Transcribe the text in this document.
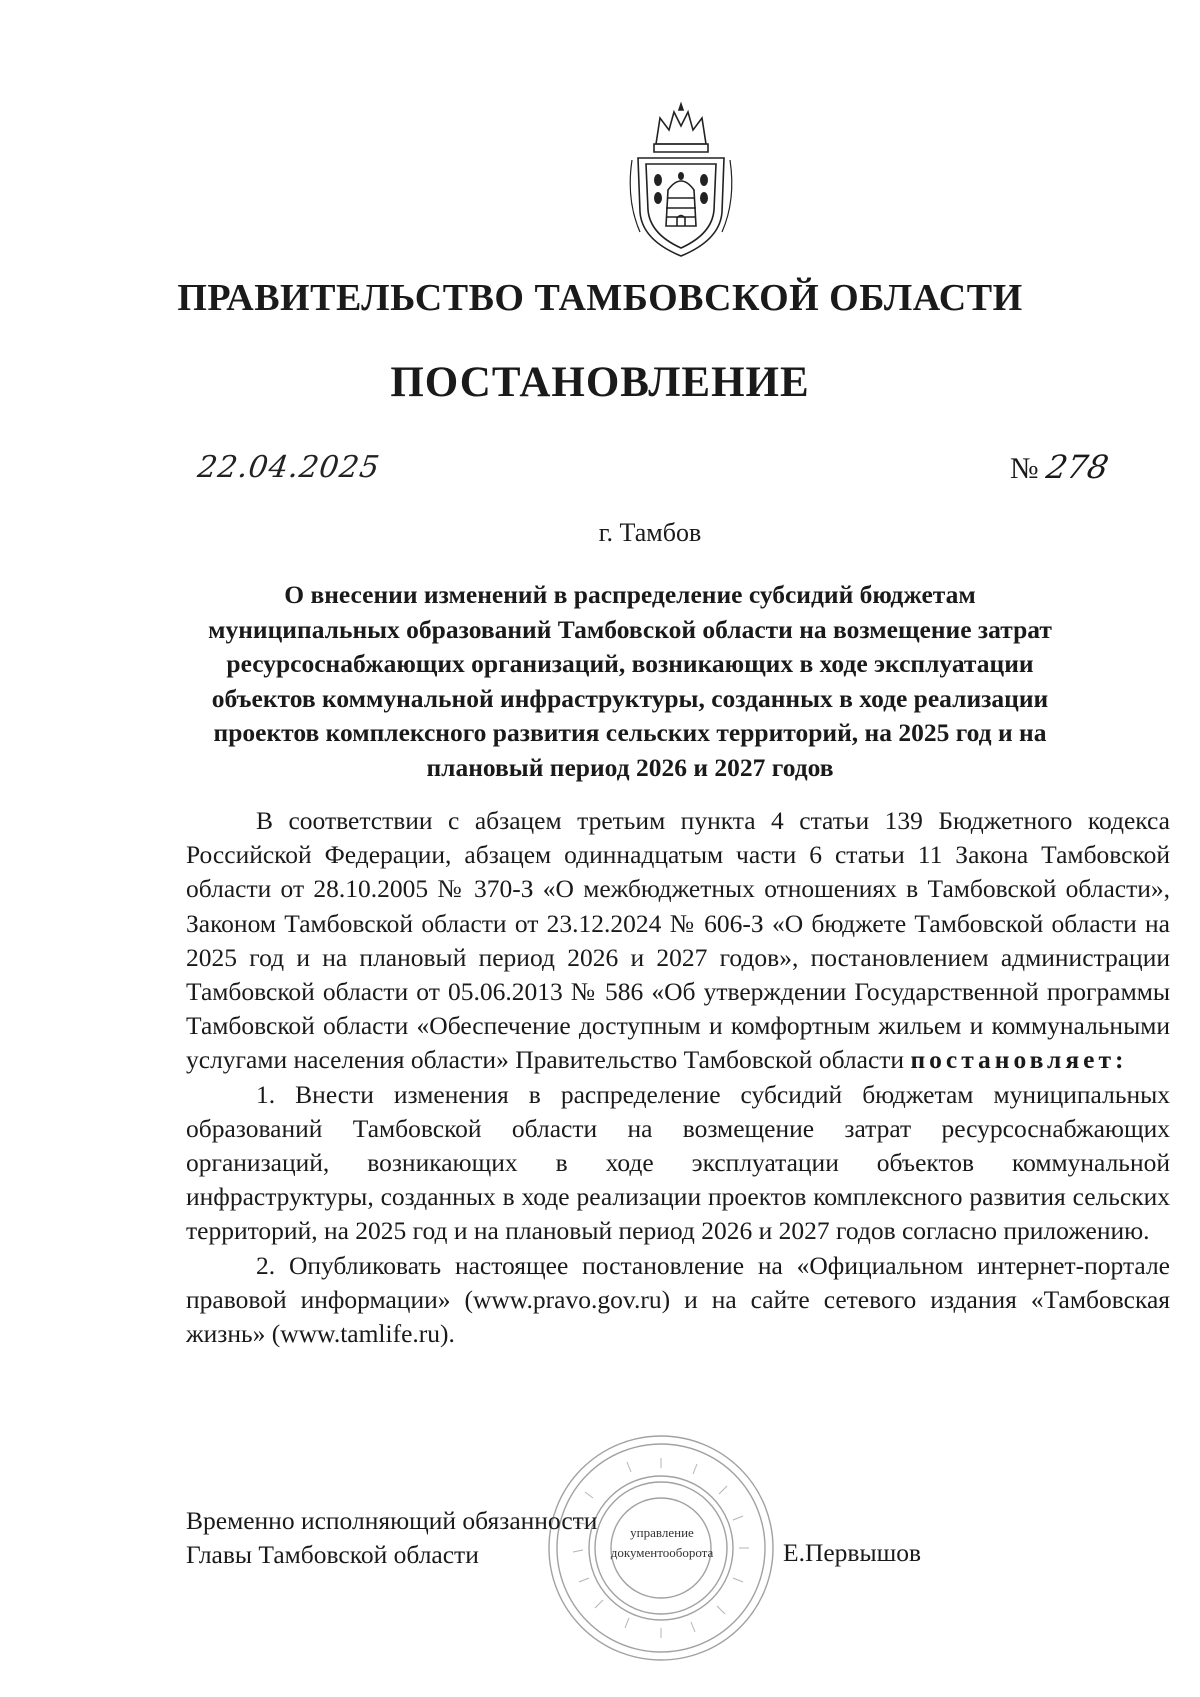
ПРАВИТЕЛЬСТВО ТАМБОВСКОЙ ОБЛАСТИ
ПОСТАНОВЛЕНИЕ
22.04.2025	№ 278
г. Тамбов
О внесении изменений в распределение субсидий бюджетам
муниципальных образований Тамбовской области на возмещение затрат
ресурсоснабжающих организаций, возникающих в ходе эксплуатации
объектов коммунальной инфраструктуры, созданных в ходе реализации
проектов комплексного развития сельских территорий, на 2025 год и на
плановый период 2026 и 2027 годов

В соответствии с абзацем третьим пункта 4 статьи 139 Бюджетного кодекса Российской Федерации, абзацем одиннадцатым части 6 статьи 11 Закона Тамбовской области от 28.10.2005 № 370-З «О межбюджетных отношениях в Тамбовской области», Законом Тамбовской области от 23.12.2024 № 606-З «О бюджете Тамбовской области на 2025 год и на плановый период 2026 и 2027 годов», постановлением администрации Тамбовской области от 05.06.2013 № 586 «Об утверждении Государственной программы Тамбовской области «Обеспечение доступным и комфортным жильем и коммунальными услугами населения области» Правительство Тамбовской области постановляет:

1. Внести изменения в распределение субсидий бюджетам муниципальных образований Тамбовской области на возмещение затрат ресурсоснабжающих организаций, возникающих в ходе эксплуатации объектов коммунальной инфраструктуры, созданных в ходе реализации проектов комплексного развития сельских территорий, на 2025 год и на плановый период 2026 и 2027 годов согласно приложению.

2. Опубликовать настоящее постановление на «Официальном интернет-портале правовой информации» (www.pravo.gov.ru) и на сайте сетевого издания «Тамбовская жизнь» (www.tamlife.ru).

управление
документооборота
Временно исполняющий обязанности
Главы Тамбовской области	Е.Первышов
